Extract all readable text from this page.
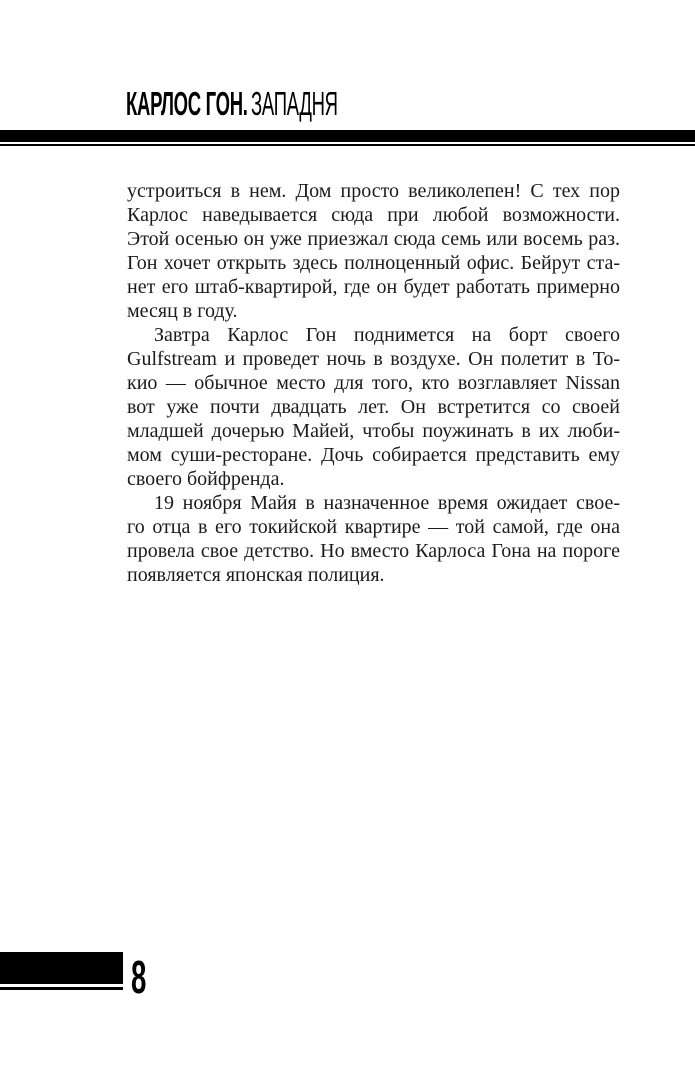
КАРЛОС ГОН. ЗАПАДНЯ
устроиться в нем. Дом просто великолепен! С тех пор
Карлос наведывается сюда при любой возможности.
Этой осенью он уже приезжал сюда семь или восемь раз.
Гон хочет открыть здесь полноценный офис. Бейрут ста-
нет его штаб-квартирой, где он будет работать примерно
месяц в году.
Завтра Карлос Гон поднимется на борт своего
Gulfstream и проведет ночь в воздухе. Он полетит в То-
кио — обычное место для того, кто возглавляет Nissan
вот уже почти двадцать лет. Он встретится со своей
младшей дочерью Майей, чтобы поужинать в их люби-
мом суши-ресторане. Дочь собирается представить ему
своего бойфренда.
19 ноября Майя в назначенное время ожидает свое-
го отца в его токийской квартире — той самой, где она
провела свое детство. Но вместо Карлоса Гона на пороге
появляется японская полиция.
8
